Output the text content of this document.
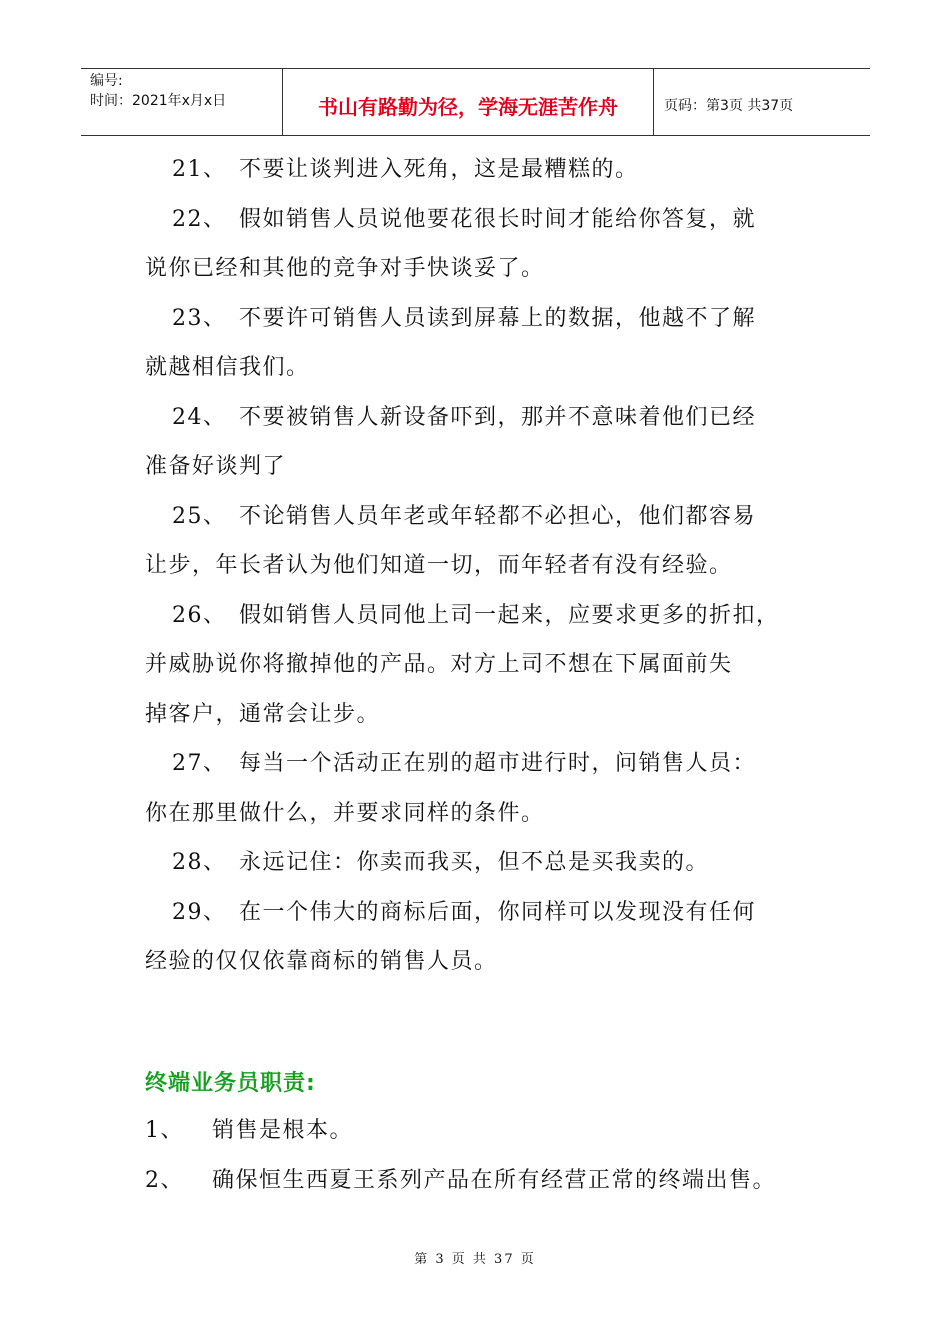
编号:
时间：2021年x月x日	书山有路勤为径，学海无涯苦作舟	页码：第3页 共37页
21、 不要让谈判进入死角，这是最糟糕的。
22、 假如销售人员说他要花很长时间才能给你答复，就
说你已经和其他的竞争对手快谈妥了。
23、 不要许可销售人员读到屏幕上的数据，他越不了解
就越相信我们。
24、 不要被销售人新设备吓到，那并不意味着他们已经
准备好谈判了
25、 不论销售人员年老或年轻都不必担心，他们都容易
让步，年长者认为他们知道一切，而年轻者有没有经验。
26、 假如销售人员同他上司一起来，应要求更多的折扣，
并威胁说你将撤掉他的产品。对方上司不想在下属面前失
掉客户，通常会让步。
27、 每当一个活动正在别的超市进行时，问销售人员：
你在那里做什么，并要求同样的条件。
28、 永远记住：你卖而我买，但不总是买我卖的。
29、 在一个伟大的商标后面，你同样可以发现没有任何
经验的仅仅依靠商标的销售人员。
终端业务员职责:
1、 销售是根本。
2、 确保恒生西夏王系列产品在所有经营正常的终端出售。
第 3 页 共 37 页
